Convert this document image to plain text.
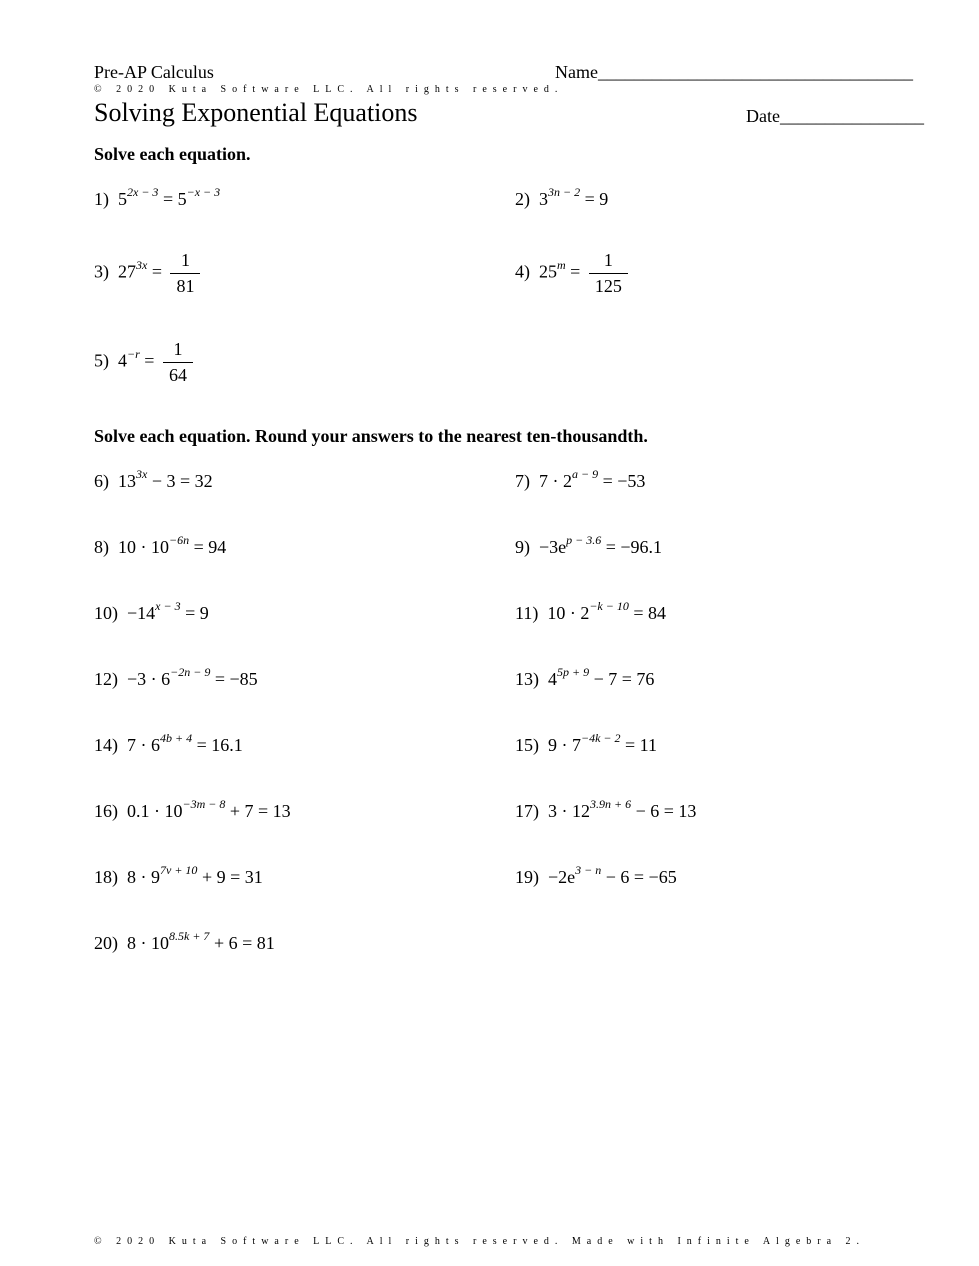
Pre-AP Calculus	Name___________________________________
© 2020 Kuta Software LLC. All rights reserved.
Solving Exponential Equations	Date________________
Solve each equation.
1) $5^{2x - 3} = 5^{-x - 3}$	2) $3^{3n - 2} = 9$
3) $27^{3x} = \frac{1}{81}$	4) $25^m = \frac{1}{125}$
5) $4^{-r} = \frac{1}{64}$
Solve each equation. Round your answers to the nearest ten-thousandth.
6) $13^{3x} - 3 = 32$	7) $7 \cdot 2^{a - 9} = -53$
8) $10 \cdot 10^{-6n} = 94$	$9) -3e^{p - 3.6} = -96.1$
$10) -14^{x - 3} = 9$	11) $10 \cdot 2^{-k - 10} = 84$
$12) -3 \cdot 6^{-2n - 9} = -85$	13) $4^{5p + 9} - 7 = 76$
14) $7 \cdot 6^{4b + 4} = 16.1$	15) $9 \cdot 7^{-4k - 2} = 11$
16) $0.1 \cdot 10^{-3m - 8} + 7 = 13$	17) $3 \cdot 12^{3.9n + 6} - 6 = 13$
18) $8 \cdot 9^{7v + 10} + 9 = 31$	$19) -2e^{3 - n} - 6 = -65$
20) $8 \cdot 10^{8.5k + 7} + 6 = 81$
© 2020 Kuta Software LLC. All rights reserved. Made with Infinite Algebra 2.
